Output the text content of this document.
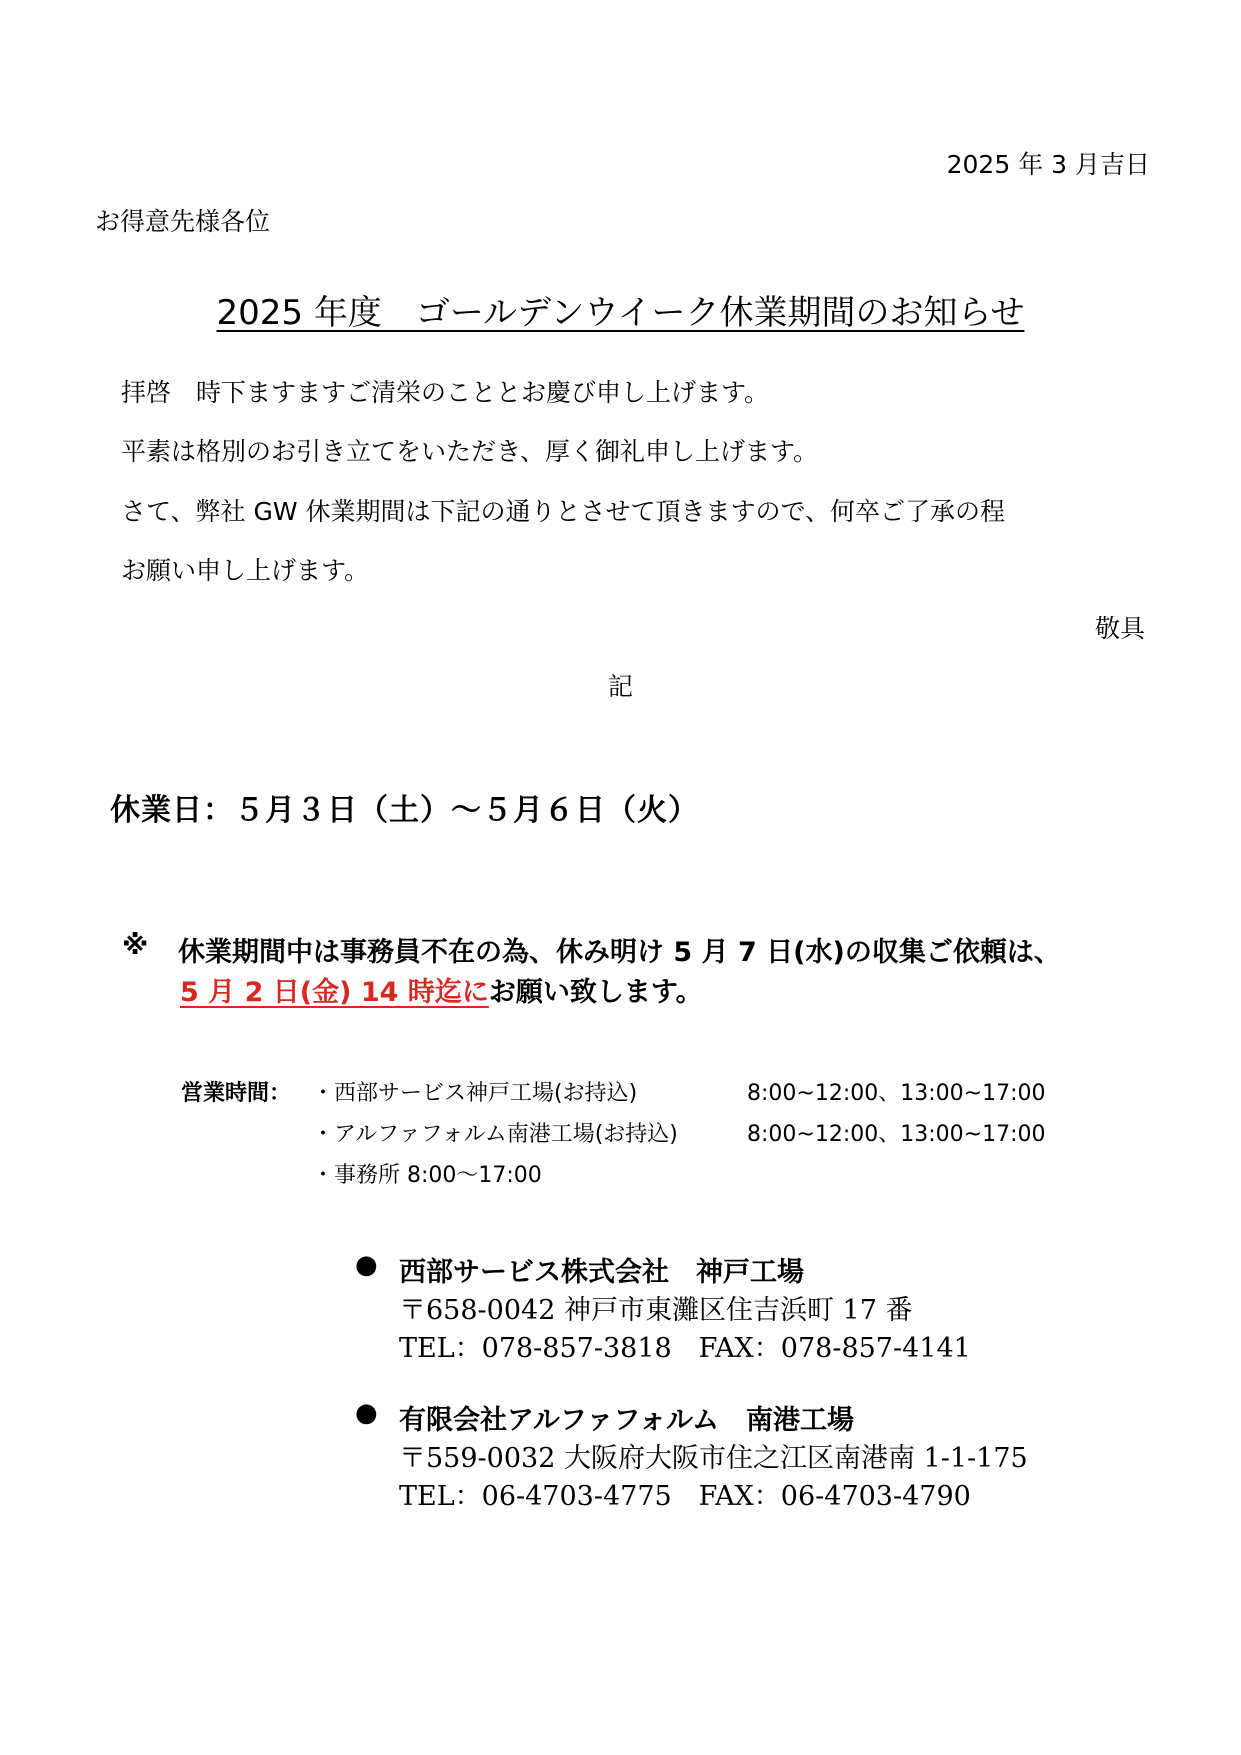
2025 年 3 月吉日
お得意先様各位
2025 年度　ゴールデンウイーク休業期間のお知らせ
拝啓　時下ますますご清栄のこととお慶び申し上げます。
平素は格別のお引き立てをいただき、厚く御礼申し上げます。
さて、弊社 GW 休業期間は下記の通りとさせて頂きますので、何卒ご了承の程
お願い申し上げます。
敬具
記
休業日：５月３日（土）～５月６日（火）
※ 休業期間中は事務員不在の為、休み明け 5 月 7 日(水)の収集ご依頼は、
5 月 2 日(金) 14 時迄にお願い致します。
営業時間： ・西部サービス神戸工場(お持込)	8:00~12:00、13:00~17:00
・アルファフォルム南港工場(お持込)	8:00~12:00、13:00~17:00
・事務所 8:00～17:00
● 西部サービス株式会社　神戸工場
〒658-0042 神戸市東灘区住吉浜町 17 番
TEL：078-857-3818　FAX：078-857-4141
● 有限会社アルファフォルム　南港工場
〒559-0032 大阪府大阪市住之江区南港南 1-1-175
TEL：06-4703-4775　FAX：06-4703-4790
